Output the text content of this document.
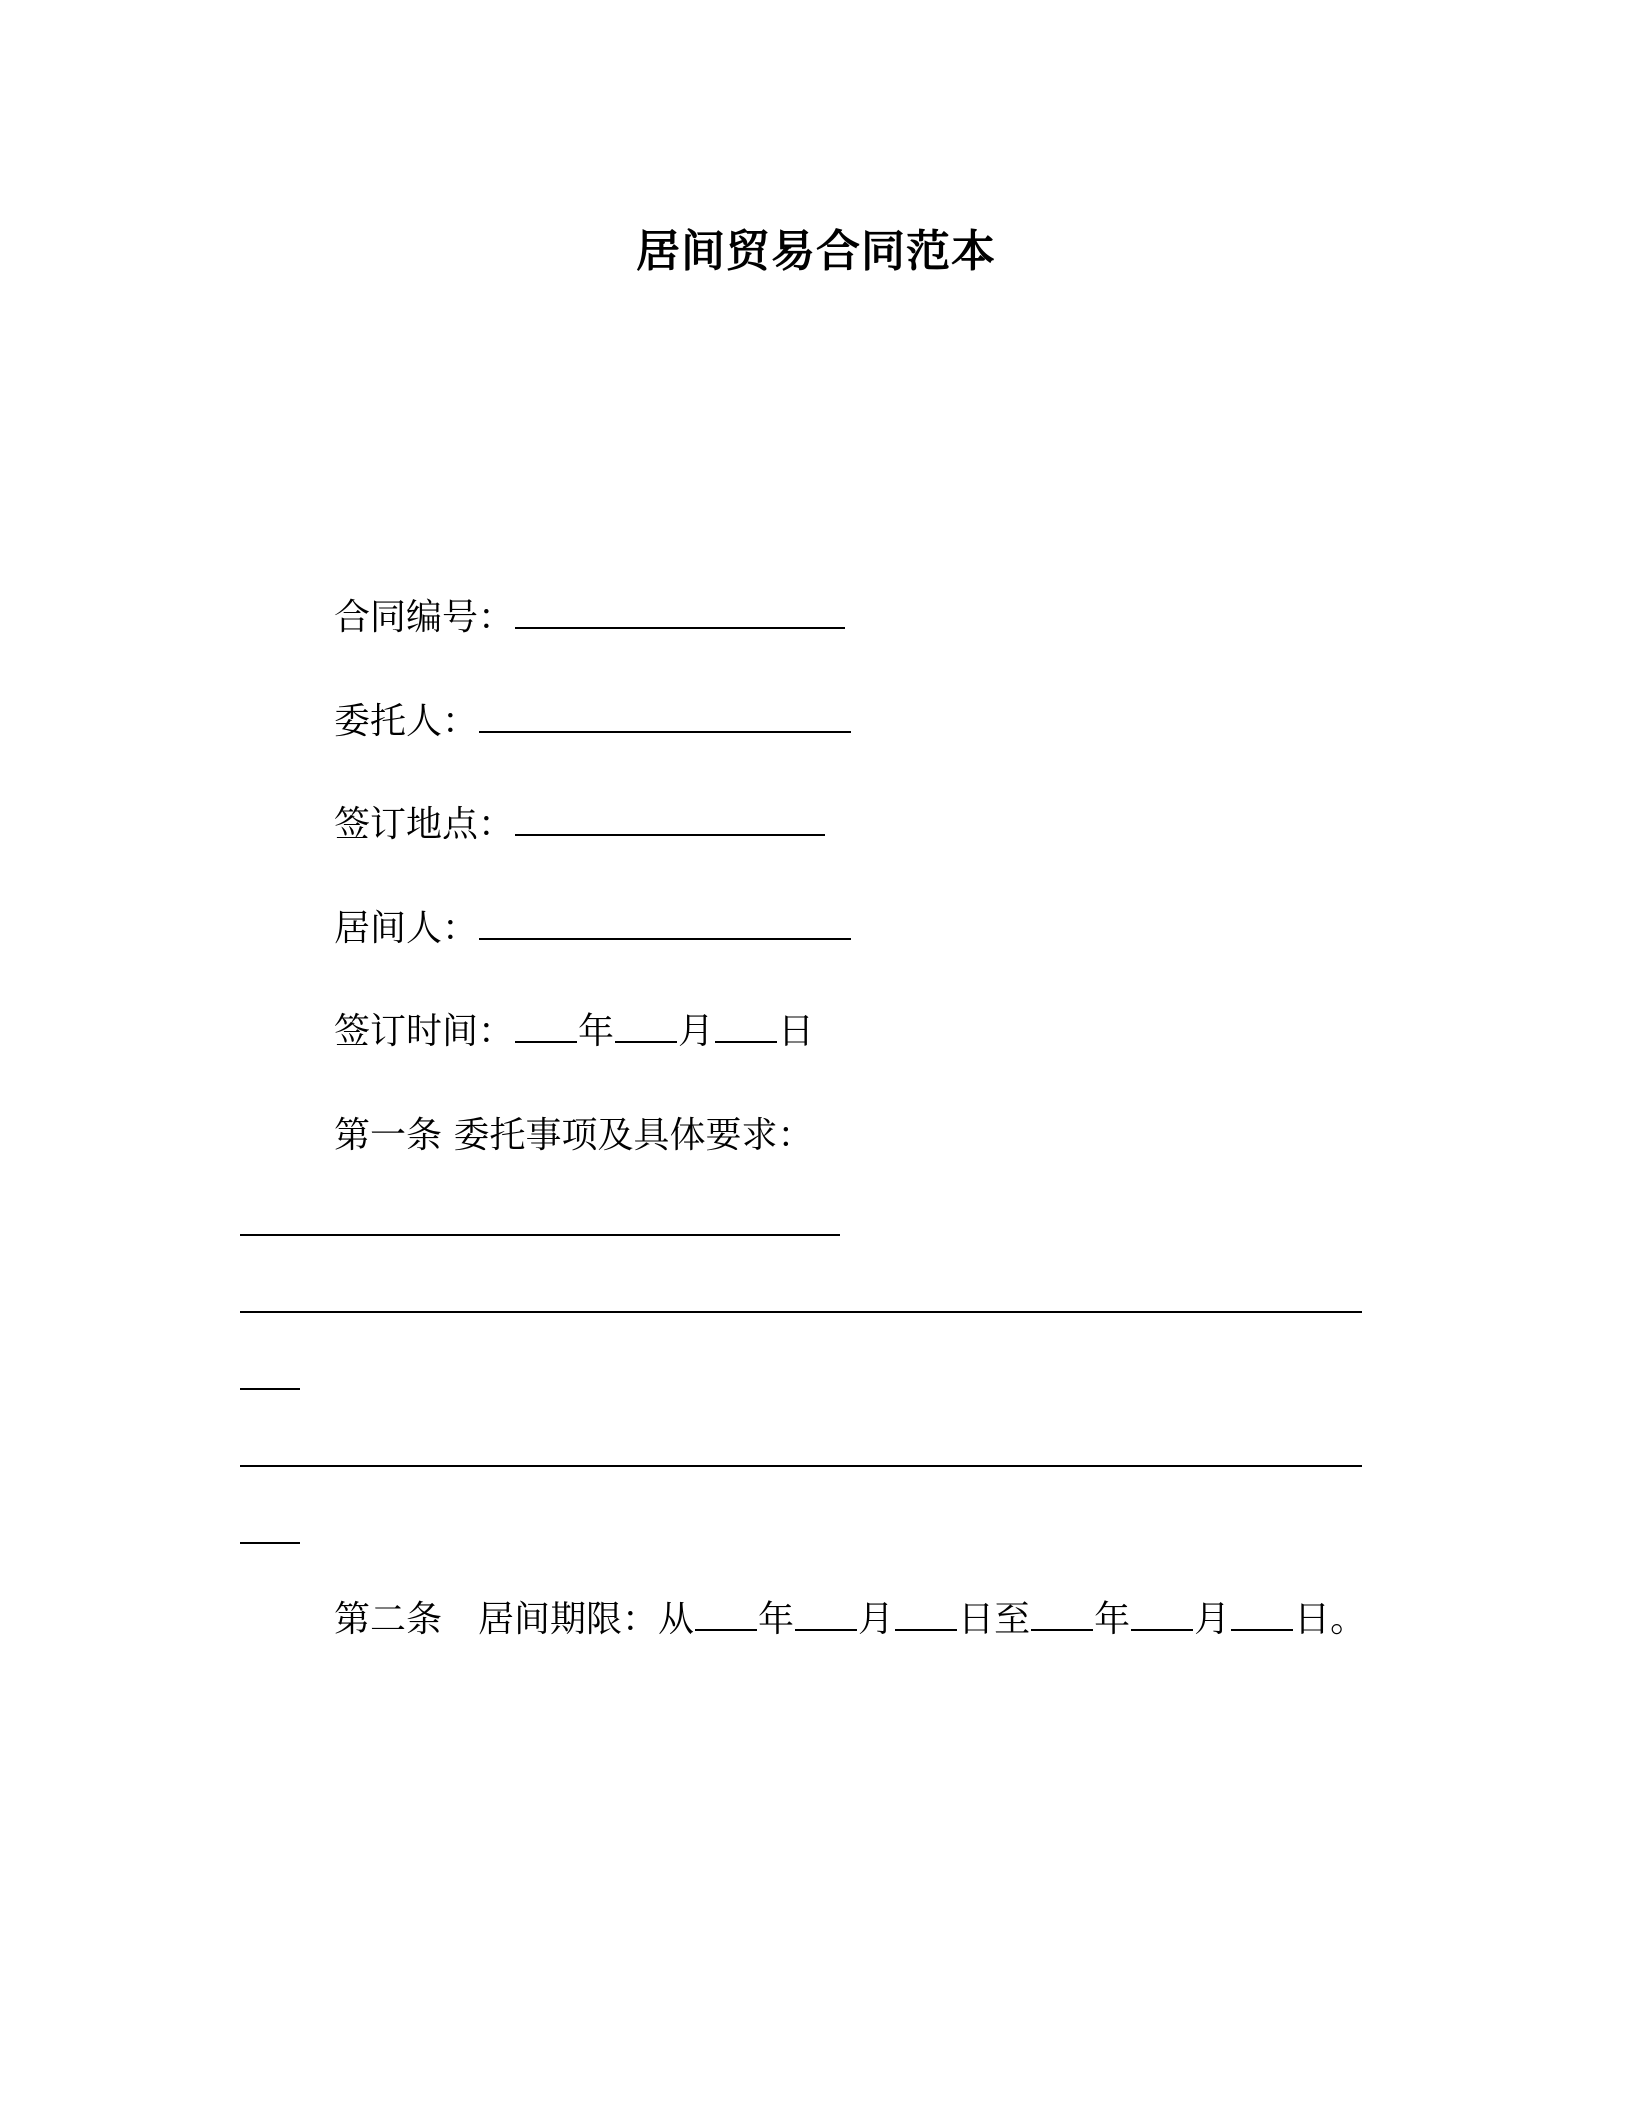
居间贸易合同范本
合同编号：
委托人：
签订地点：
居间人：
签订时间： 年 月 日
第一条 委托事项及具体要求：
第二条 居间期限：从 年 月 日至 年 月 日。
